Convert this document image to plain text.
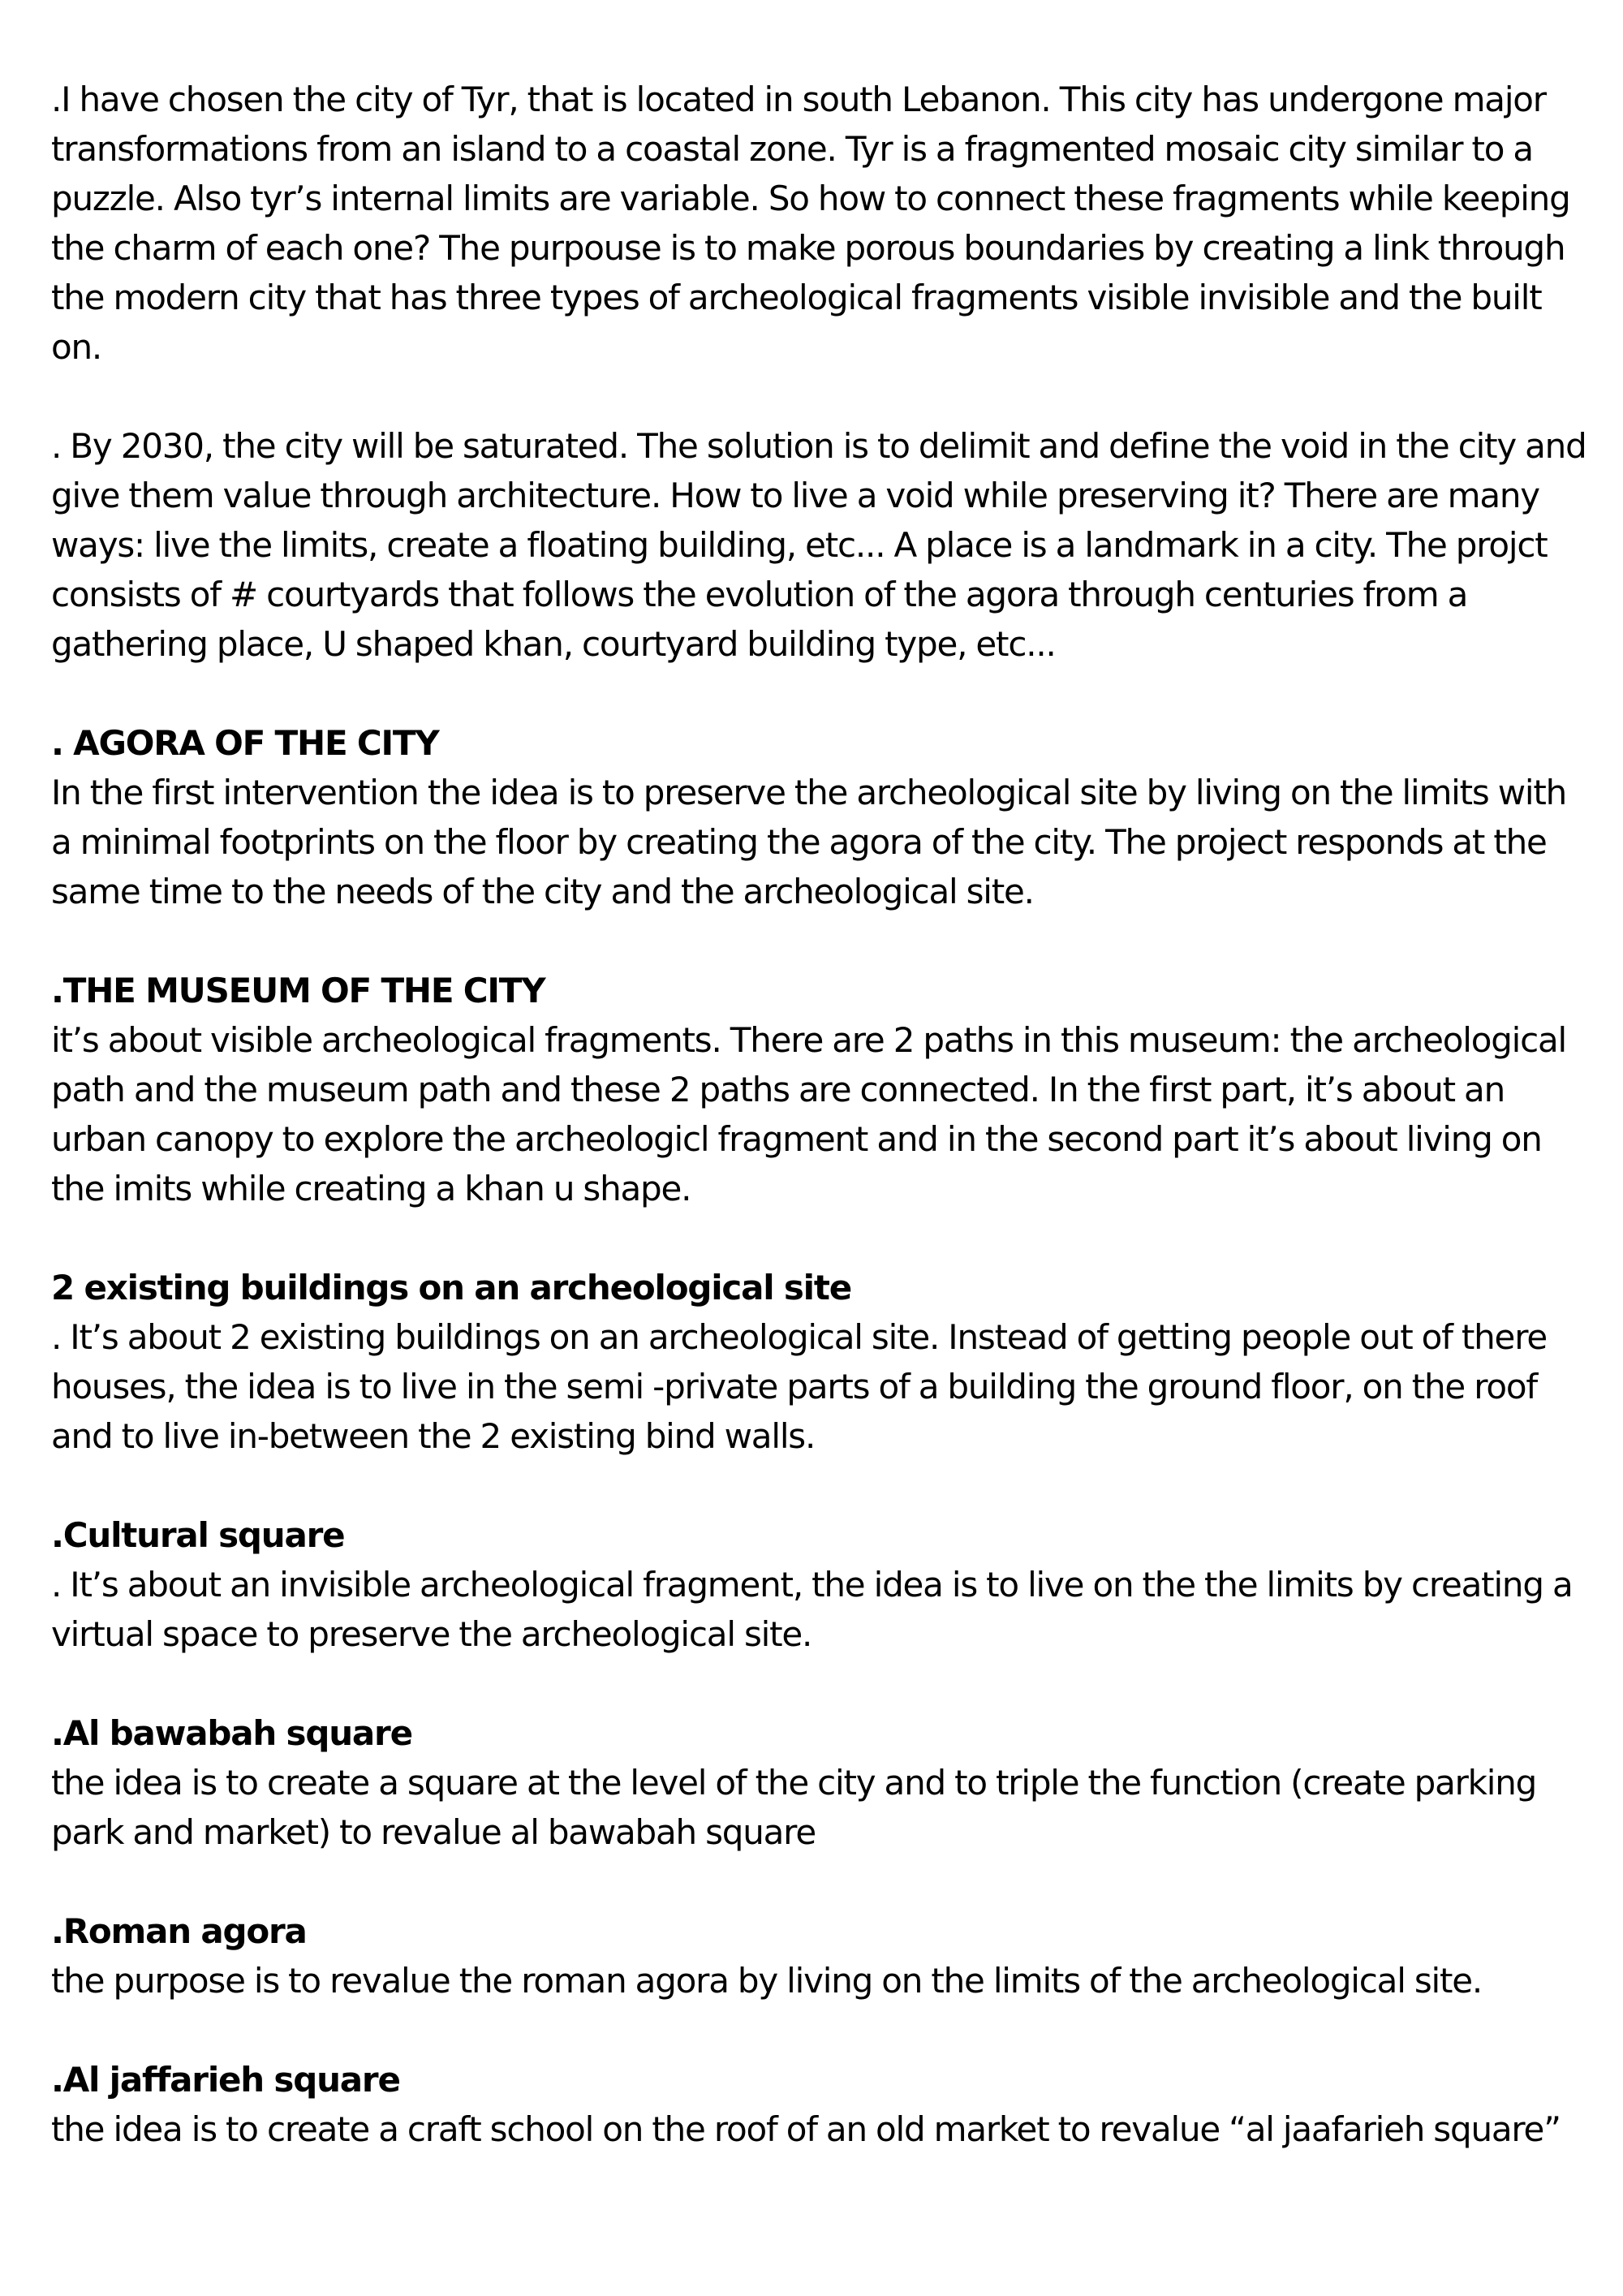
.I have chosen the city of Tyr, that is located in south Lebanon. This city has undergone major transformations from an island to a coastal zone. Tyr is a fragmented mosaic city similar to a puzzle. Also tyr’s internal limits are variable. So how to connect these fragments while keeping the charm of each one? The purpouse is to make porous boundaries by creating a link through the modern city that has three types of archeological fragments visible invisible and the built on.

. By 2030, the city will be saturated. The solution is to delimit and define the void in the city and give them value through architecture. How to live a void while preserving it? There are many ways: live the limits, create a floating building, etc... A place is a landmark in a city. The projct consists of # courtyards that follows the evolution of the agora through centuries from a gathering place, U shaped khan, courtyard building type, etc...

. AGORA OF THE CITY

In the first intervention the idea is to preserve the archeological site by living on the limits with a minimal footprints on the floor by creating the agora of the city. The project responds at the same time to the needs of the city and the archeological site.

.THE MUSEUM OF THE CITY

it’s about visible archeological fragments. There are 2 paths in this museum: the archeological path and the museum path and these 2 paths are connected. In the first part, it’s about an urban canopy to explore the archeologicl fragment and in the second part it’s about living on the imits while creating a khan u shape.

2 existing buildings on an archeological site

. It’s about 2 existing buildings on an archeological site. Instead of getting people out of there houses, the idea is to live in the semi -private parts of a building the ground floor, on the roof and to live in-between the 2 existing bind walls.

.Cultural square

. It’s about an invisible archeological fragment, the idea is to live on the the limits by creating a virtual space to preserve the archeological site.

.Al bawabah square

the idea is to create a square at the level of the city and to triple the function (create parking park and market) to revalue al bawabah square

.Roman agora

the purpose is to revalue the roman agora by living on the limits of the archeological site.

.Al jaffarieh square

the idea is to create a craft school on the roof of an old market to revalue “al jaafarieh square”
